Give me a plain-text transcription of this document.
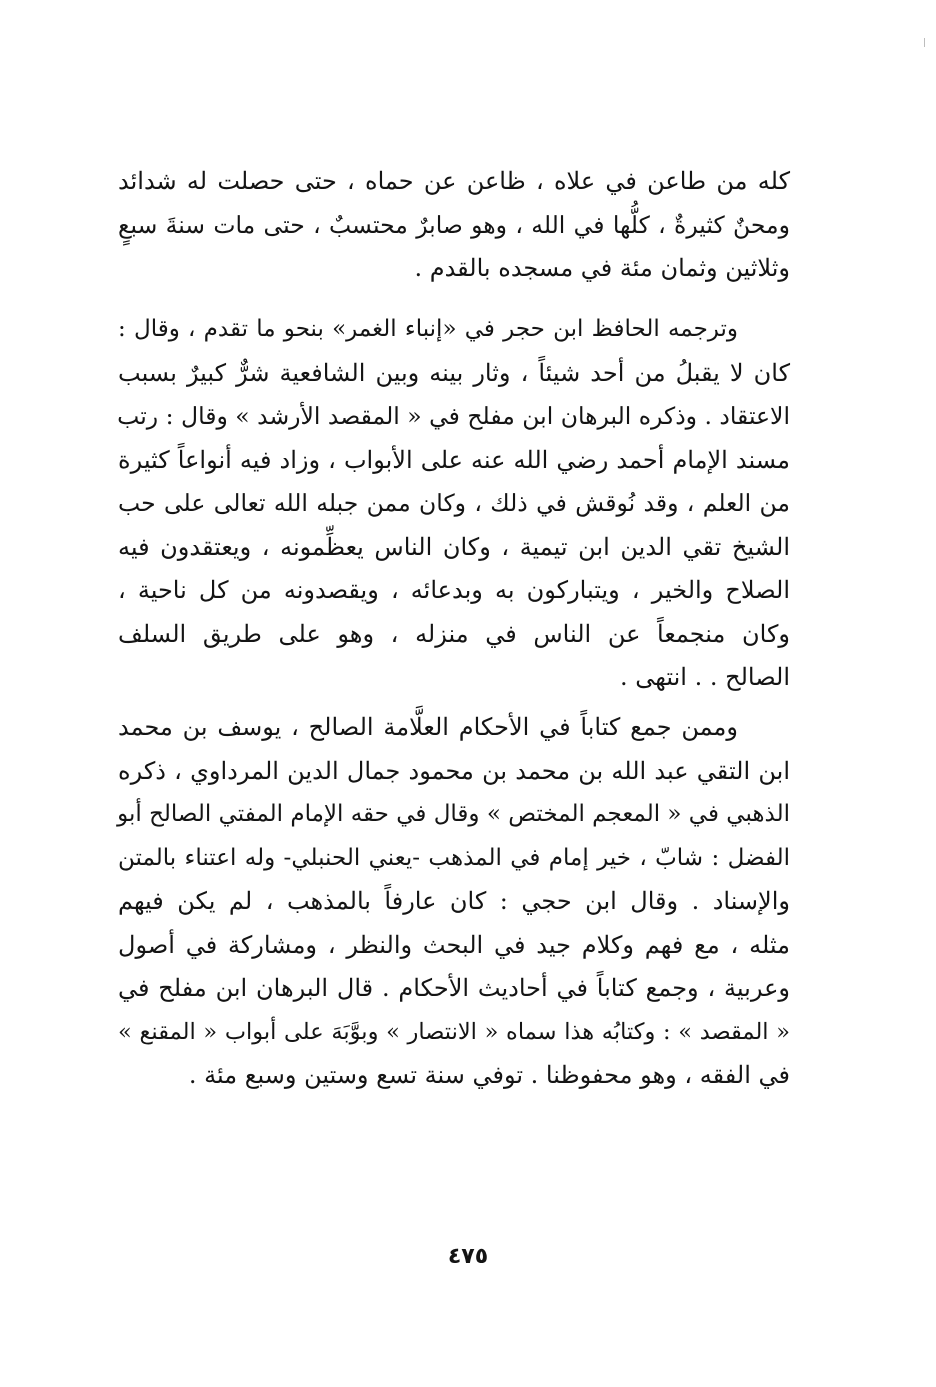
كله من طاعن في علاه ، ظاعن عن حماه ، حتى حصلت له شدائد
ومحنٌ كثيرةٌ ، كلُّها في الله ، وهو صابرٌ محتسبٌ ، حتى مات سنةَ سبعٍ
وثلاثين وثمان مئة في مسجده بالقدم .
وترجمه الحافظ ابن حجر في «إنباء الغمر» بنحو ما تقدم ، وقال :
كان لا يقبلُ من أحد شيئاً ، وثار بينه وبين الشافعية شرٌّ كبيرٌ بسبب
الاعتقاد . وذكره البرهان ابن مفلح في « المقصد الأرشد » وقال : رتب
مسند الإمام أحمد رضي الله عنه على الأبواب ، وزاد فيه أنواعاً كثيرة
من العلم ، وقد نُوقش في ذلك ، وكان ممن جبله الله تعالى على حب
الشيخ تقي الدين ابن تيمية ، وكان الناس يعظِّمونه ، ويعتقدون فيه
الصلاح والخير ، ويتباركون به وبدعائه ، ويقصدونه من كل ناحية ،
وكان منجمعاً عن الناس في منزله ، وهو على طريق السلف
الصالح . . انتهى .
وممن جمع كتاباً في الأحكام العلَّامة الصالح ، يوسف بن محمد
ابن التقي عبد الله بن محمد بن محمود جمال الدين المرداوي ، ذكره
الذهبي في « المعجم المختص » وقال في حقه الإمام المفتي الصالح أبو
الفضل : شابّ ، خير إمام في المذهب -يعني الحنبلي- وله اعتناء بالمتن
والإسناد . وقال ابن حجي : كان عارفاً بالمذهب ، لم يكن فيهم
مثله ، مع فهم وكلام جيد في البحث والنظر ، ومشاركة في أصول
وعربية ، وجمع كتاباً في أحاديث الأحكام . قال البرهان ابن مفلح في
« المقصد » : وكتابُه هذا سماه « الانتصار » وبوَّبَهَ على أبواب « المقنع »
في الفقه ، وهو محفوظنا . توفي سنة تسع وستين وسبع مئة .
٤٧٥
